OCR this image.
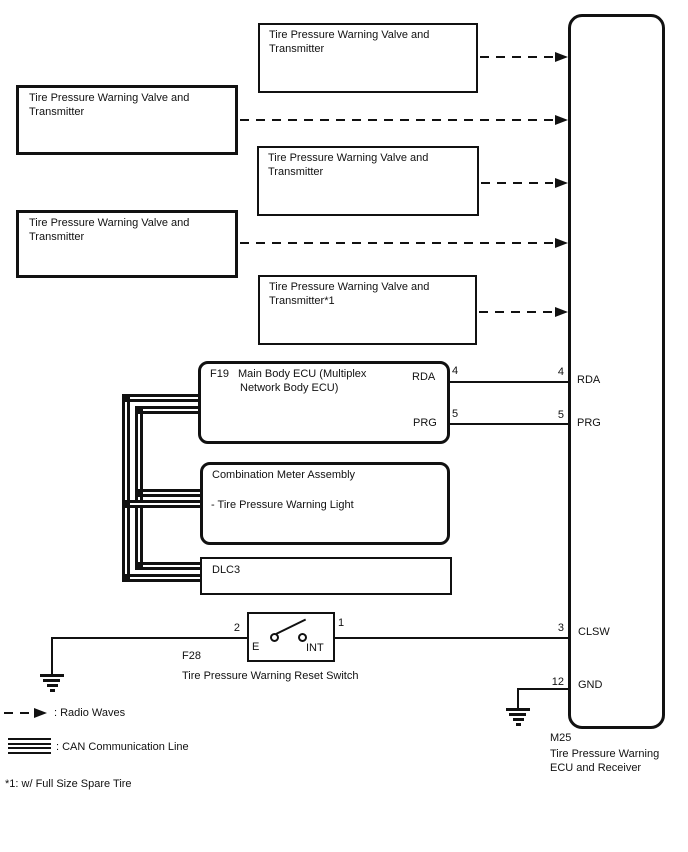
Tire Pressure Warning Valve and
Transmitter
Tire Pressure Warning Valve and
Transmitter
Tire Pressure Warning Valve and
Transmitter
Tire Pressure Warning Valve and
Transmitter
Tire Pressure Warning Valve and
Transmitter*1
F19 Main Body ECU (Multiplex
Network Body ECU)
RDA
PRG
4
5
Combination Meter Assembly
- Tire Pressure Warning Light
DLC3
E	INT
2	1
F28
Tire Pressure Warning Reset Switch
RDA
PRG
CLSW
GND
4
5
3
12
M25
Tire Pressure Warning
ECU and Receiver
: Radio Waves
: CAN Communication Line
*1: w/ Full Size Spare Tire
